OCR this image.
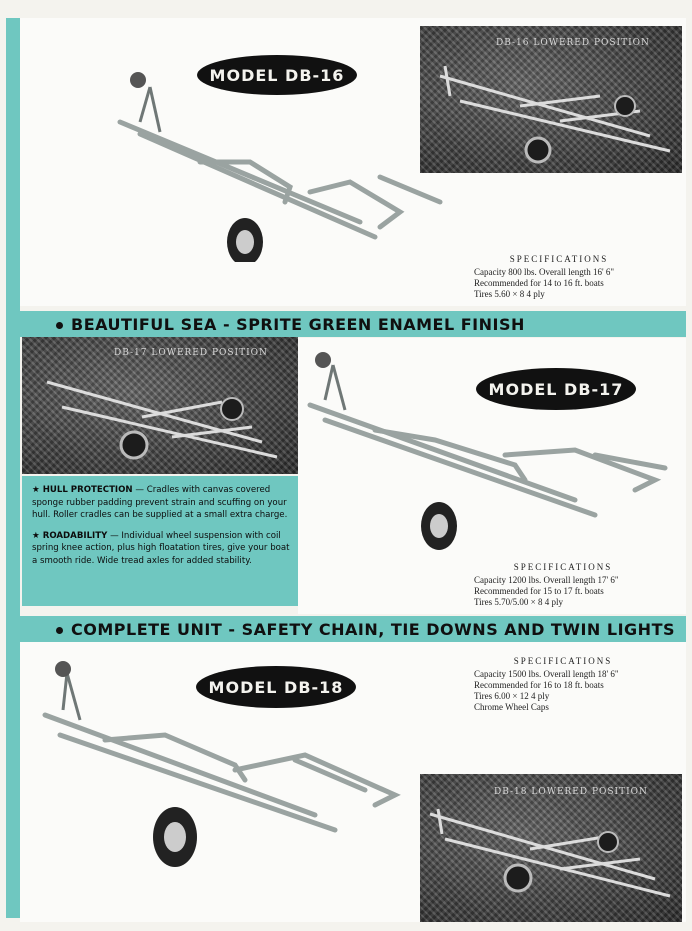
BEAUTIFUL SEA - SPRITE GREEN ENAMEL FINISH
COMPLETE UNIT - SAFETY CHAIN, TIE DOWNS AND TWIN LIGHTS
MODEL DB-16
DB-16 LOWERED POSITION
SPECIFICATIONS
Capacity 800 lbs. Overall length 16' 6"
Recommended for 14 to 16 ft. boats
Tires 5.60 × 8 4 ply
DB-17 LOWERED POSITION
MODEL DB-17
SPECIFICATIONS
Capacity 1200 lbs. Overall length 17' 6"
Recommended for 15 to 17 ft. boats
Tires 5.70/5.00 × 8 4 ply

★ HULL PROTECTION — Cradles with canvas covered sponge rubber padding prevent strain and scuffing on your hull. Roller cradles can be supplied at a small extra charge.

★ ROADABILITY — Individual wheel suspension with coil spring knee action, plus high floatation tires, give your boat a smooth ride. Wide tread axles for added stability.

MODEL DB-18
SPECIFICATIONS
Capacity 1500 lbs. Overall length 18' 6"
Recommended for 16 to 18 ft. boats
Tires 6.00 × 12 4 ply
Chrome Wheel Caps
DB-18 LOWERED POSITION
